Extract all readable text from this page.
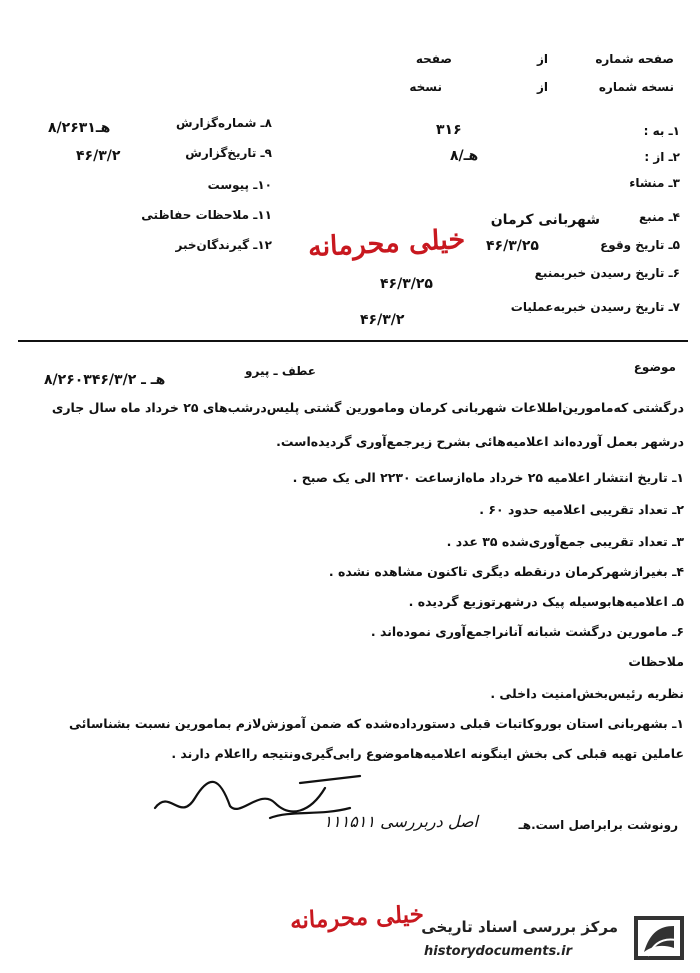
صفحه شماره
از
صفحه
نسخه شماره
از
نسخه
۱ـ به :
۳۱۶
۲ـ از :
۸/هـ
۳ـ منشاء
۴ـ منبع
شهربانی کرمان
۵ـ تاریخ وقوع
۴۶/۳/۲۵
۶ـ تاریخ رسیدن خبربمنبع
۴۶/۳/۲۵
۷ـ تاریخ رسیدن خبربه‌عملیات
۴۶/۳/۲
۸ـ شماره‌گزارش
۸/۲۶۳۱هـ
۹ـ تاریخ‌گزارش
۴۶/۳/۲
۱۰ـ پیوست
۱۱ـ ملاحظات حفاظتی
۱۲ـ گیرندگان‌خبر خیلی محرمانه
موضوع
عطف ـ پیرو
۸/۲۶۰۳هـ ـ ۴۶/۳/۲
درگشتی که‌مامورین‌اطلاعات شهربانی کرمان ومامورین گشتی پلیس‌درشب‌های ۲۵ خرداد ماه سال جاری
درشهر بعمل آورده‌اند اعلامیه‌هائی بشرح زیرجمع‌آوری گردیده‌است.
۱ـ تاریخ انتشار اعلامیه ۲۵ خرداد ماه‌ازساعت ۲۲۳۰ الی یک صبح .
۲ـ تعداد تقریبی اعلامیه حدود ۶۰ .
۳ـ تعداد تقریبی جمع‌آوری‌شده ۳۵ عدد .
۴ـ بغیرازشهرکرمان درنقطه دیگری تاکنون مشاهده نشده .
۵ـ اعلامیه‌هابوسیله پیک درشهرتوزیع گردیده .
۶ـ مامورین درگشت شبانه آنانراجمع‌آوری نموده‌اند .
ملاحظات
نظریه رئیس‌بخش‌امنیت داخلی .
۱ـ بشهربانی استان بوروکاتبات قبلی دستورداده‌شده که ضمن آموزش‌لازم بمامورین نسبت بشناسائی
عاملین تهیه قبلی کی بخش اینگونه اعلامیه‌هاموضوع رابی‌گیری‌ونتیجه رااعلام دارند .
رونوشت برابراصل است.هـ
اصل دربررسی ۱۱۱۵۱۱
خیلی محرمانه
مرکز بررسی اسناد تاریخی
historydocuments.ir
